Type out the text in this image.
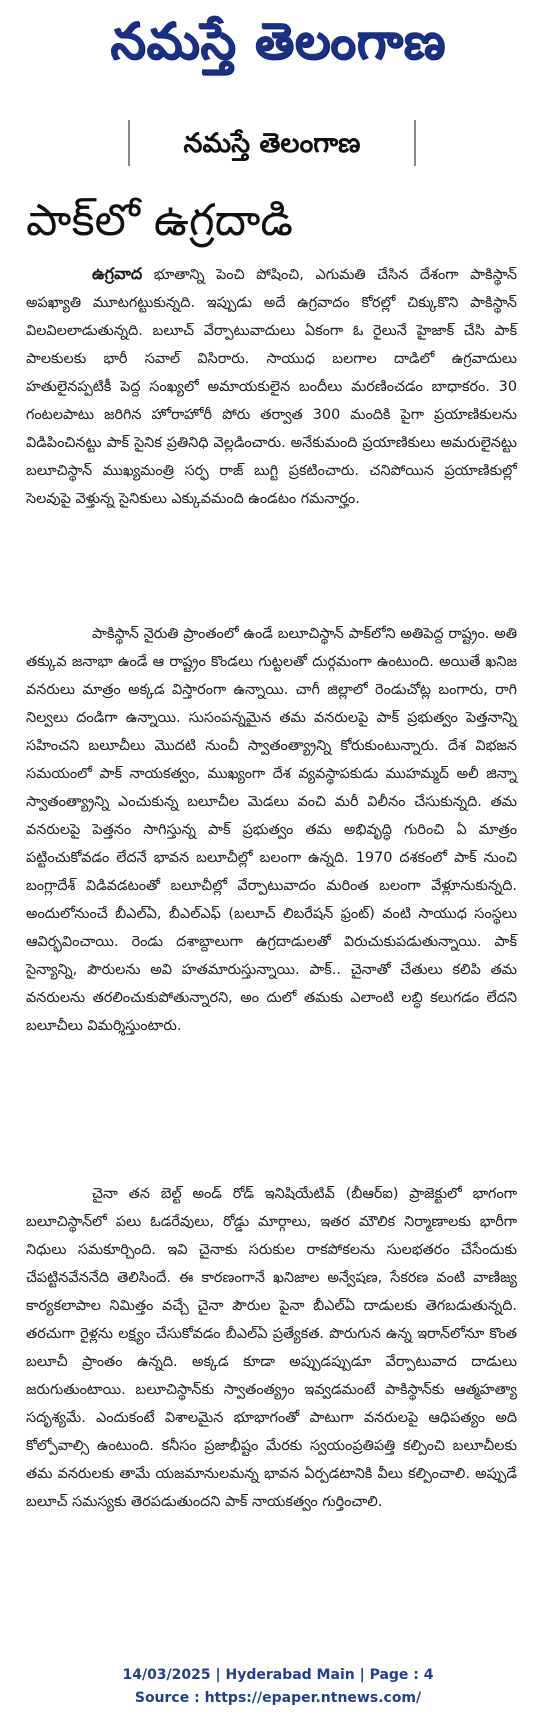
నమస్తే తెలంగాణ
నమస్తే తెలంగాణ
పాక్‌లో ఉగ్రదాడి
ఉగ్రవాద భూతాన్ని పెంచి పోషించి, ఎగుమతి చేసిన దేశంగా పాకిస్థాన్ అపఖ్యాతి మూటగట్టుకున్నది. ఇప్పుడు అదే ఉగ్రవాదం కోరల్లో చిక్కుకొని పాకిస్థాన్ విలవిలలాడుతున్నది. బలూచ్ వేర్పాటువాదులు ఏకంగా ఓ రైలునే హైజాక్ చేసి పాక్ పాలకులకు భారీ సవాల్ విసిరారు. సాయుధ బలగాల దాడిలో ఉగ్రవాదులు హతులైనప్పటికీ పెద్ద సంఖ్యలో అమాయకులైన బందీలు మరణించడం బాధాకరం. 30 గంటలపాటు జరిగిన హోరాహోరీ పోరు తర్వాత 300 మందికి పైగా ప్రయాణికులను విడిపించినట్టు పాక్ సైనిక ప్రతినిధి వెల్లడించారు. అనేకుమంది ప్రయాణికులు అమరులైనట్టు బలూచిస్థాన్ ముఖ్యమంత్రి సర్ఫ రాజ్ బుగ్టి ప్రకటించారు. చనిపోయిన ప్రయాణికుల్లో సెలవుపై వెళ్తున్న సైనికులు ఎక్కువమంది ఉండటం గమనార్హం.
పాకిస్థాన్ నైరుతి ప్రాంతంలో ఉండే బలూచిస్థాన్ పాక్‌లోని అతిపెద్ద రాష్ట్రం. అతి తక్కువ జనాభా ఉండే ఆ రాష్ట్రం కొండలు గుట్టలతో దుర్గమంగా ఉంటుంది. అయితే ఖనిజ వనరులు మాత్రం అక్కడ విస్తారంగా ఉన్నాయి. చాగీ జిల్లాలో రెండుచోట్ల బంగారు, రాగి నిల్వలు దండిగా ఉన్నాయి. సుసంపన్నమైన తమ వనరులపై పాక్ ప్రభుత్వం పెత్తనాన్ని సహించని బలూచీలు మొదటి నుంచీ స్వాతంత్య్రాన్ని కోరుకుంటున్నారు. దేశ విభజన సమయంలో పాక్ నాయకత్వం, ముఖ్యంగా దేశ వ్యవస్థాపకుడు ముహమ్మద్ అలీ జిన్నా స్వాతంత్య్రాన్ని ఎంచుకున్న బలూచీల మెడలు వంచి మరీ విలీనం చేసుకున్నది. తమ వనరులపై పెత్తనం సాగిస్తున్న పాక్ ప్రభుత్వం తమ అభివృద్ధి గురించి ఏ మాత్రం పట్టించుకోవడం లేదనే భావన బలూచీల్లో బలంగా ఉన్నది. 1970 దశకంలో పాక్ నుంచి బంగ్లాదేశ్ విడివడటంతో బలూచీల్లో వేర్పాటువాదం మరింత బలంగా వేళ్లూనుకున్నది. అందులోనుంచే బీఎల్ఏ, బీఎల్ఎఫ్ (బలూచ్ లిబరేషన్ ఫ్రంట్) వంటి సాయుధ సంస్థలు ఆవిర్భవించాయి. రెండు దశాబ్దాలుగా ఉగ్రదాడులతో విరుచుకుపడుతున్నాయి. పాక్ సైన్యాన్ని, పౌరులను అవి హతమారుస్తున్నాయి. పాక్.. చైనాతో చేతులు కలిపి తమ వనరులను తరలించుకుపోతున్నారని, అం దులో తమకు ఎలాంటి లబ్ధి కలుగడం లేదని బలూచీలు విమర్శిస్తుంటారు.
చైనా తన బెల్ట్ అండ్ రోడ్ ఇనిషియేటివ్ (బీఆర్ఐ) ప్రాజెక్టులో భాగంగా బలూచిస్థాన్‌లో పలు ఓడరేవులు, రోడ్డు మార్గాలు, ఇతర మౌలిక నిర్మాణాలకు భారీగా నిధులు సమకూర్చింది. ఇవి చైనాకు సరుకుల రాకపోకలను సులభతరం చేసేందుకు చేపట్టినవేననేది తెలిసిందే. ఈ కారణంగానే ఖనిజాల అన్వేషణ, సేకరణ వంటి వాణిజ్య కార్యకలాపాల నిమిత్తం వచ్చే చైనా పౌరుల పైనా బీఎల్ఏ దాడులకు తెగబడుతున్నది. తరచుగా రైళ్లను లక్ష్యం చేసుకోవడం బీఎల్ఏ ప్రత్యేకత. పొరుగున ఉన్న ఇరాన్‌లోనూ కొంత బలూచీ ప్రాంతం ఉన్నది. అక్కడ కూడా అప్పుడప్పుడూ వేర్పాటువాద దాడులు జరుగుతుంటాయి. బలూచిస్థాన్‌కు స్వాతంత్య్రం ఇవ్వడమంటే పాకిస్థాన్‌కు ఆత్మహత్యా సదృశ్యమే. ఎందుకంటే విశాలమైన భూభాగంతో పాటుగా వనరులపై ఆధిపత్యం అది కోల్పోవాల్సి ఉంటుంది. కనీసం ప్రజాభీష్టం మేరకు స్వయంప్రతిపత్తి కల్పించి బలూచీలకు తమ వనరులకు తామే యజమానులమన్న భావన ఏర్పడటానికి వీలు కల్పించాలి. అప్పుడే బలూచ్ సమస్యకు తెరపడుతుందని పాక్ నాయకత్వం గుర్తించాలి.
14/03/2025 | Hyderabad Main | Page : 4
Source : https://epaper.ntnews.com/
